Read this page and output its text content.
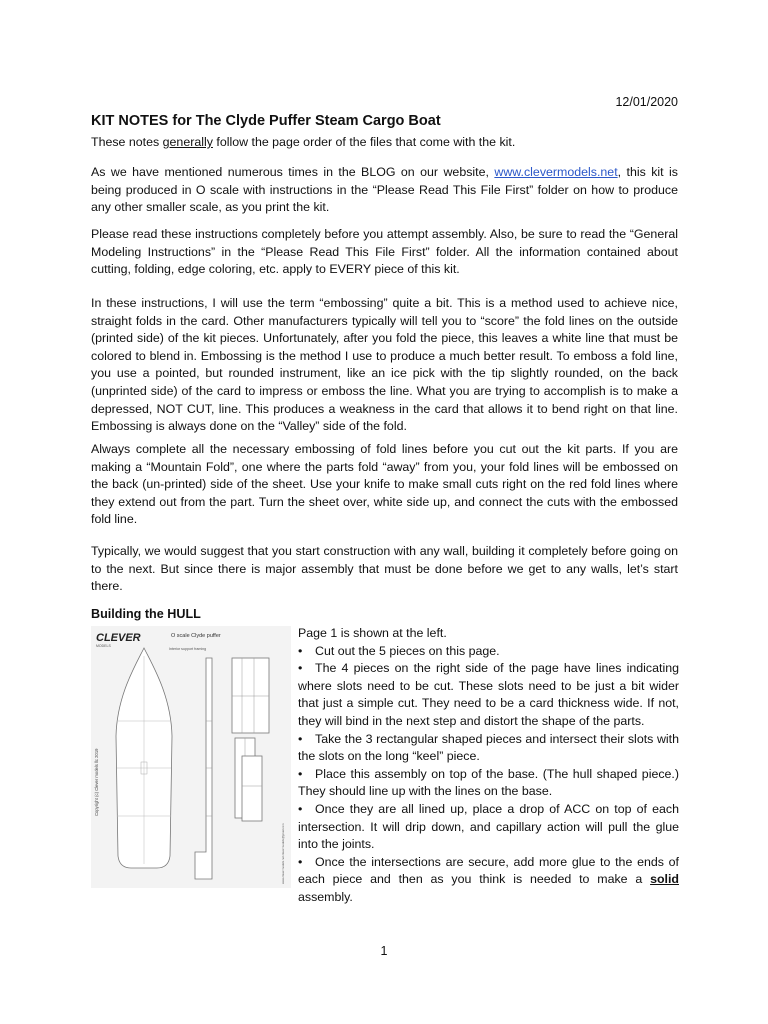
12/01/2020
KIT NOTES for The Clyde Puffer Steam Cargo Boat

These notes generally follow the page order of the files that come with the kit.

As we have mentioned numerous times in the BLOG on our website, www.clevermodels.net, this kit is being produced in O scale with instructions in the “Please Read This File First” folder on how to produce any other smaller scale, as you print the kit.

Please read these instructions completely before you attempt assembly. Also, be sure to read the “General Modeling Instructions” in the “Please Read This File First” folder. All the information contained about cutting, folding, edge coloring, etc. apply to EVERY piece of this kit.

In these instructions, I will use the term “embossing” quite a bit. This is a method used to achieve nice, straight folds in the card. Other manufacturers typically will tell you to “score” the fold lines on the outside (printed side) of the kit pieces. Unfortunately, after you fold the piece, this leaves a white line that must be colored to blend in. Embossing is the method I use to produce a much better result. To emboss a fold line, you use a pointed, but rounded instrument, like an ice pick with the tip slightly rounded, on the back (unprinted side) of the card to impress or emboss the line. What you are trying to accomplish is to make a depressed, NOT CUT, line. This produces a weakness in the card that allows it to bend right on that line. Embossing is always done on the “Valley” side of the fold.

Always complete all the necessary embossing of fold lines before you cut out the kit parts. If you are making a “Mountain Fold”, one where the parts fold “away” from you, your fold lines will be embossed on the back (un-printed) side of the sheet. Use your knife to make small cuts right on the red fold lines where they extend out from the part. Turn the sheet over, white side up, and connect the cuts with the embossed fold line.

Typically, we would suggest that you start construction with any wall, building it completely before going on to the next. But since there is major assembly that must be done before we get to any walls, let’s start there.

Building the HULL
CLEVER
MODELS
O scale Clyde puffer
Interior support framing
Copyright (c) Clever models llc 2019
www.clevermodels.net clevermodels@gmail.com

Page 1 is shown at the left.

• Cut out the 5 pieces on this page.

• The 4 pieces on the right side of the page have lines indicating where slots need to be cut. These slots need to be just a bit wider that just a simple cut. They need to be a card thickness wide. If not, they will bind in the next step and distort the shape of the parts.

• Take the 3 rectangular shaped pieces and intersect their slots with the slots on the long “keel” piece.

• Place this assembly on top of the base. (The hull shaped piece.) They should line up with the lines on the base.

• Once they are all lined up, place a drop of ACC on top of each intersection. It will drip down, and capillary action will pull the glue into the joints.

• Once the intersections are secure, add more glue to the ends of each piece and then as you think is needed to make a solid assembly.

1
